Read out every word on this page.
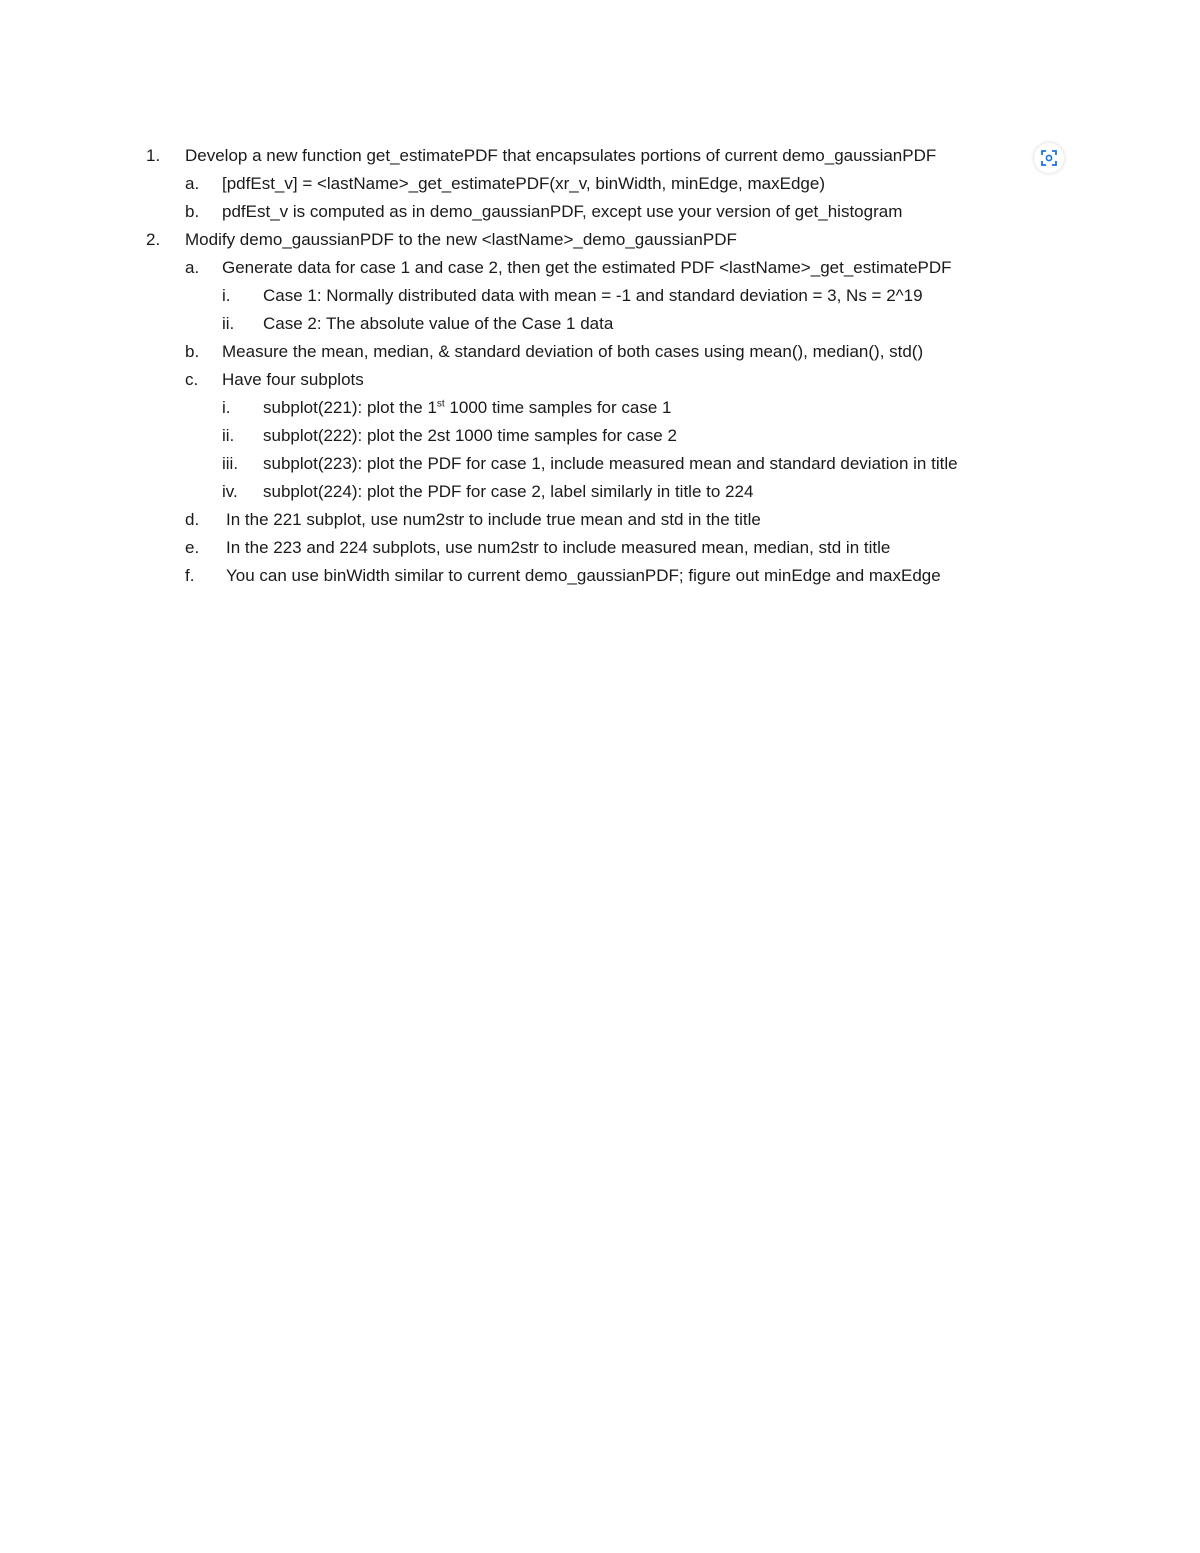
1. Develop a new function get_estimatePDF that encapsulates portions of current demo_gaussianPDF
a. [pdfEst_v] = <lastName>_get_estimatePDF(xr_v, binWidth, minEdge, maxEdge)
b. pdfEst_v is computed as in demo_gaussianPDF, except use your version of get_histogram
2. Modify demo_gaussianPDF to the new <lastName>_demo_gaussianPDF
a. Generate data for case 1 and case 2, then get the estimated PDF <lastName>_get_estimatePDF
i. Case 1: Normally distributed data with mean = -1 and standard deviation = 3, Ns = 2^19
ii. Case 2: The absolute value of the Case 1 data
b. Measure the mean, median, & standard deviation of both cases using mean(), median(), std()
c. Have four subplots
i. subplot(221): plot the 1st 1000 time samples for case 1
ii. subplot(222): plot the 2st 1000 time samples for case 2
iii. subplot(223): plot the PDF for case 1, include measured mean and standard deviation in title
iv. subplot(224): plot the PDF for case 2, label similarly in title to 224
d. In the 221 subplot, use num2str to include true mean and std in the title
e. In the 223 and 224 subplots, use num2str to include measured mean, median, std in title
f. You can use binWidth similar to current demo_gaussianPDF; figure out minEdge and maxEdge
